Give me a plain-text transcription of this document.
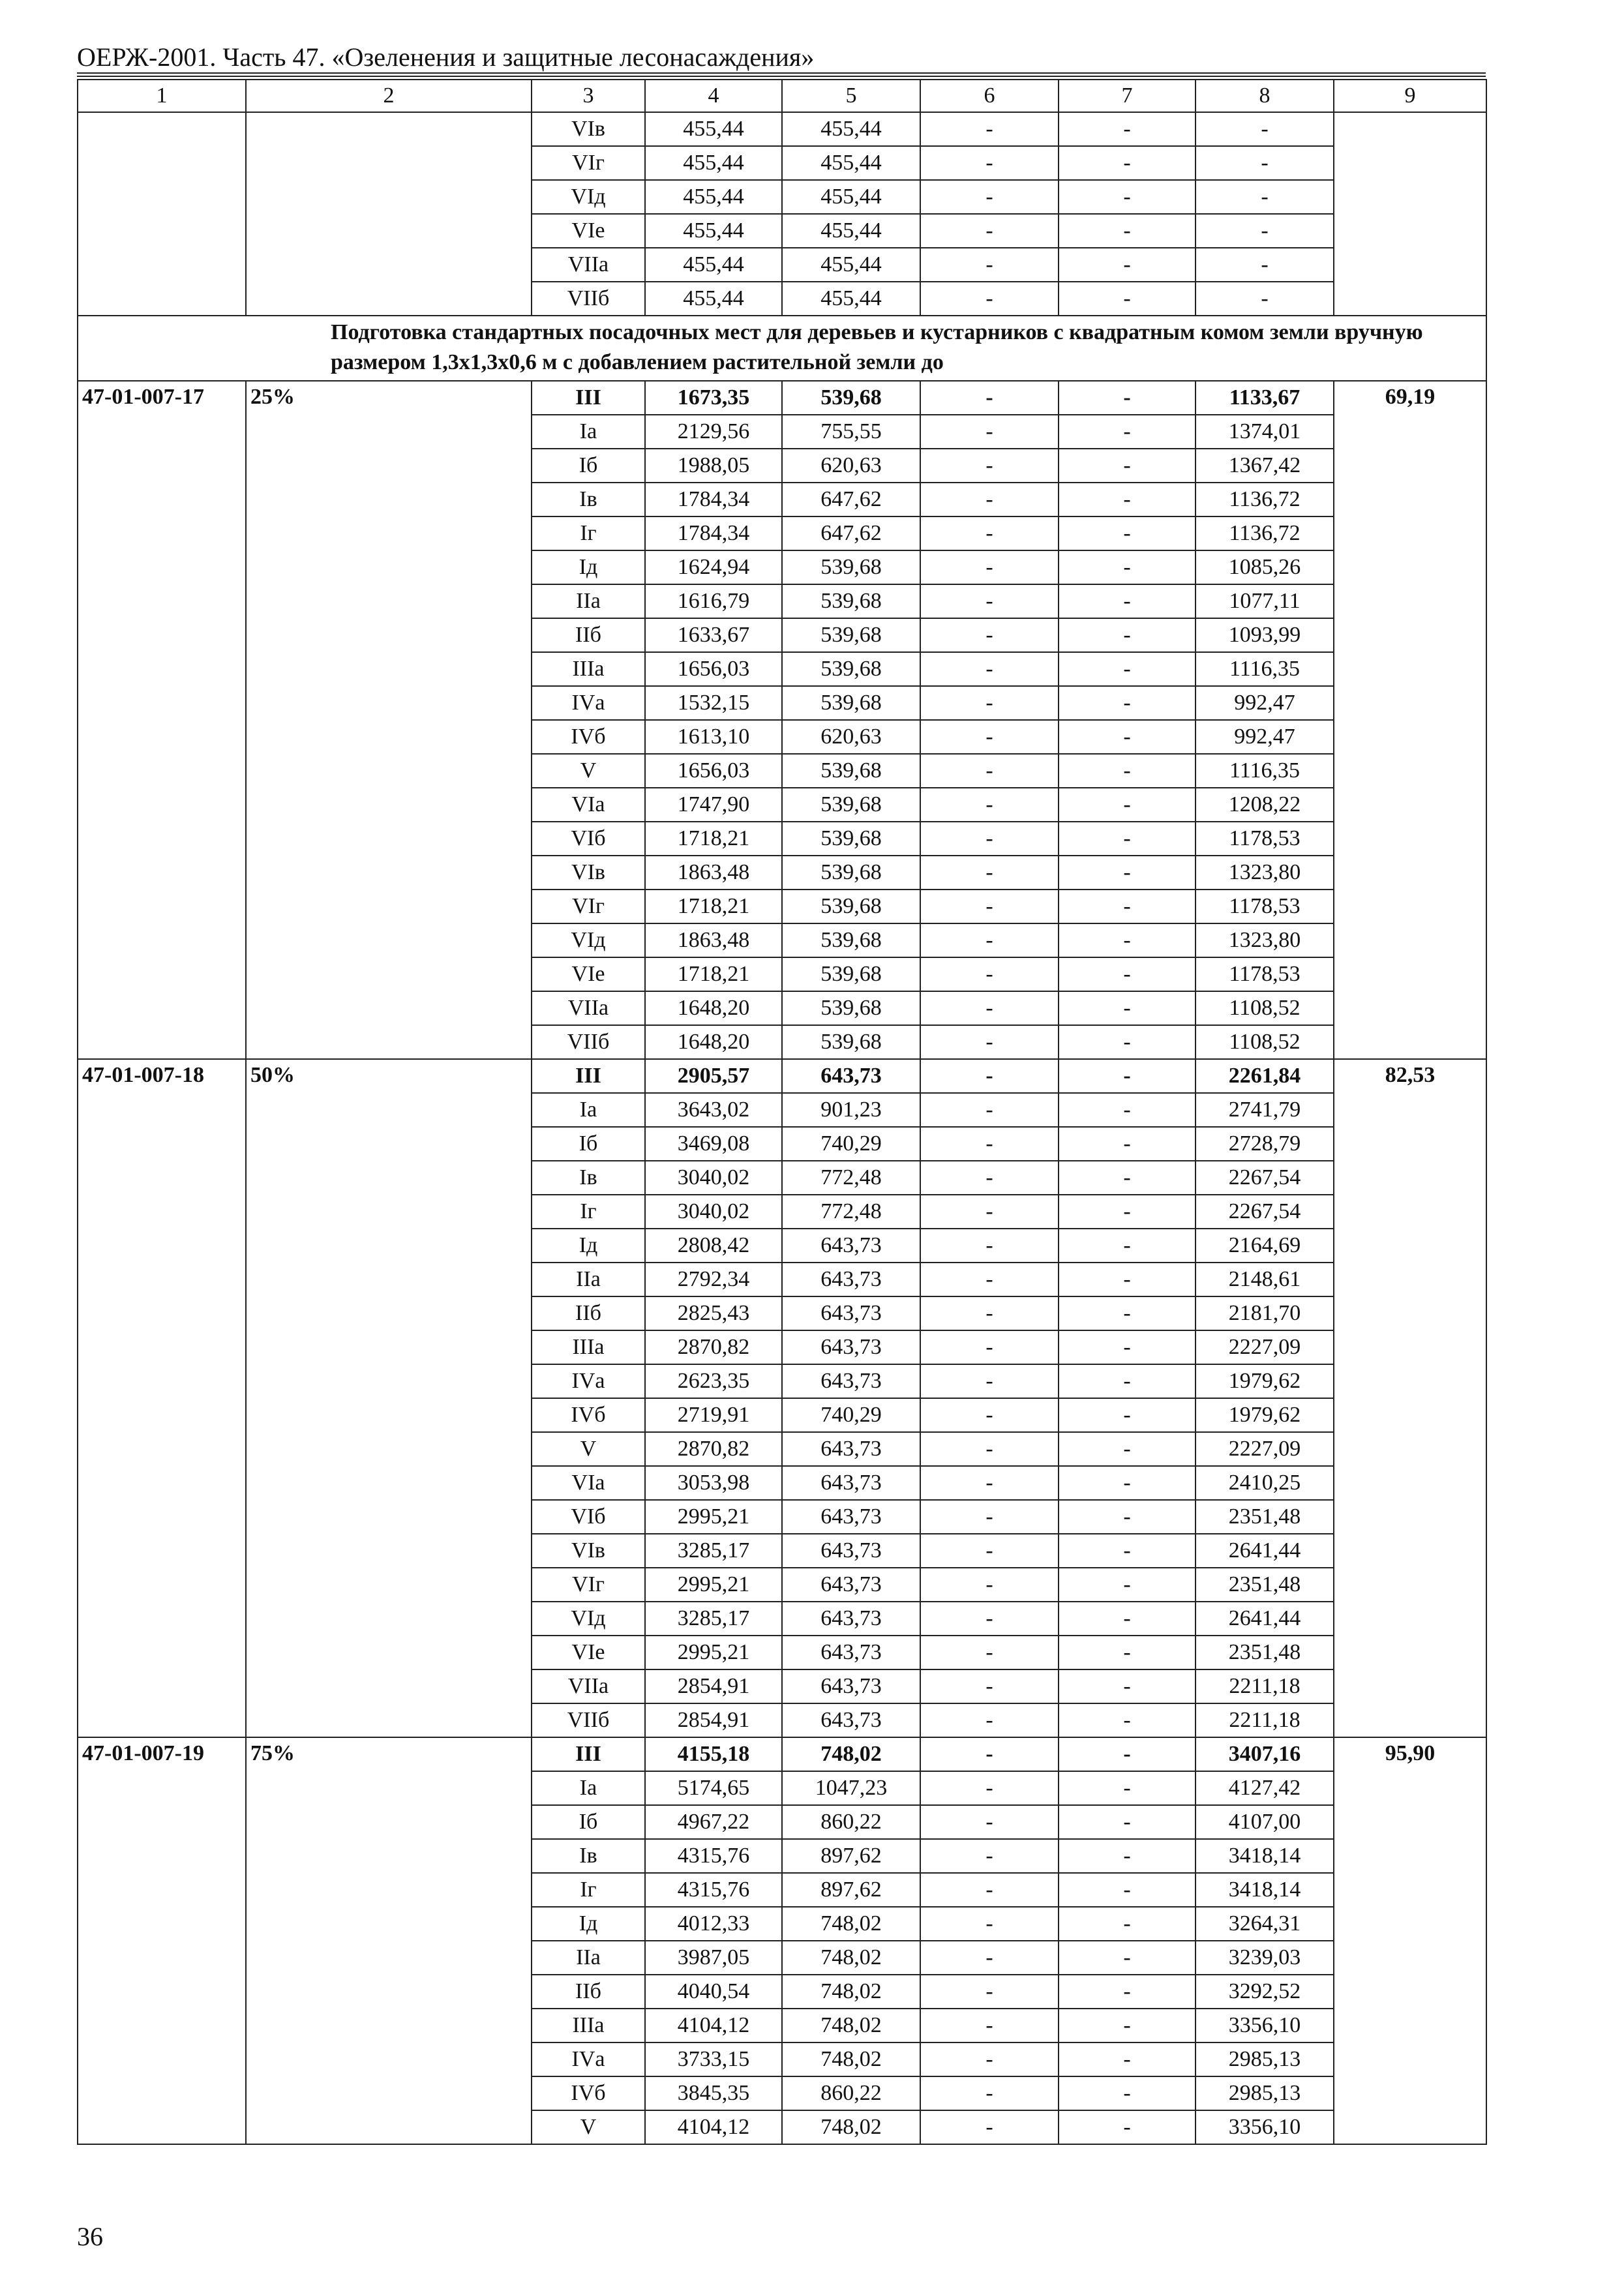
ОЕРЖ-2001. Часть 47. «Озеленения и защитные лесонасаждения»
1	2	3	4	5	6	7	8	9
		VIв	455,44	455,44	-	-	-	
		VIг	455,44	455,44	-	-	-	
		VIд	455,44	455,44	-	-	-	
		VIе	455,44	455,44	-	-	-	
		VIIа	455,44	455,44	-	-	-	
		VIIб	455,44	455,44	-	-	-	
Подготовка стандартных посадочных мест для деревьев и кустарников с квадратным комом земли вручную размером 1,3х1,3х0,6 м с добавлением растительной земли до								
47-01-007-17	25%	III	1673,35	539,68	-	-	1133,67	69,19
		Iа	2129,56	755,55	-	-	1374,01	
		Iб	1988,05	620,63	-	-	1367,42	
		Iв	1784,34	647,62	-	-	1136,72	
		Iг	1784,34	647,62	-	-	1136,72	
		Iд	1624,94	539,68	-	-	1085,26	
		IIа	1616,79	539,68	-	-	1077,11	
		IIб	1633,67	539,68	-	-	1093,99	
		IIIа	1656,03	539,68	-	-	1116,35	
		IVа	1532,15	539,68	-	-	992,47	
		IVб	1613,10	620,63	-	-	992,47	
		V	1656,03	539,68	-	-	1116,35	
		VIа	1747,90	539,68	-	-	1208,22	
		VIб	1718,21	539,68	-	-	1178,53	
		VIв	1863,48	539,68	-	-	1323,80	
		VIг	1718,21	539,68	-	-	1178,53	
		VIд	1863,48	539,68	-	-	1323,80	
		VIе	1718,21	539,68	-	-	1178,53	
		VIIа	1648,20	539,68	-	-	1108,52	
		VIIб	1648,20	539,68	-	-	1108,52	
47-01-007-18	50%	III	2905,57	643,73	-	-	2261,84	82,53
		Iа	3643,02	901,23	-	-	2741,79	
		Iб	3469,08	740,29	-	-	2728,79	
		Iв	3040,02	772,48	-	-	2267,54	
		Iг	3040,02	772,48	-	-	2267,54	
		Iд	2808,42	643,73	-	-	2164,69	
		IIа	2792,34	643,73	-	-	2148,61	
		IIб	2825,43	643,73	-	-	2181,70	
		IIIа	2870,82	643,73	-	-	2227,09	
		IVа	2623,35	643,73	-	-	1979,62	
		IVб	2719,91	740,29	-	-	1979,62	
		V	2870,82	643,73	-	-	2227,09	
		VIа	3053,98	643,73	-	-	2410,25	
		VIб	2995,21	643,73	-	-	2351,48	
		VIв	3285,17	643,73	-	-	2641,44	
		VIг	2995,21	643,73	-	-	2351,48	
		VIд	3285,17	643,73	-	-	2641,44	
		VIе	2995,21	643,73	-	-	2351,48	
		VIIа	2854,91	643,73	-	-	2211,18	
		VIIб	2854,91	643,73	-	-	2211,18	
47-01-007-19	75%	III	4155,18	748,02	-	-	3407,16	95,90
		Iа	5174,65	1047,23	-	-	4127,42	
		Iб	4967,22	860,22	-	-	4107,00	
		Iв	4315,76	897,62	-	-	3418,14	
		Iг	4315,76	897,62	-	-	3418,14	
		Iд	4012,33	748,02	-	-	3264,31	
		IIа	3987,05	748,02	-	-	3239,03	
		IIб	4040,54	748,02	-	-	3292,52	
		IIIа	4104,12	748,02	-	-	3356,10	
		IVа	3733,15	748,02	-	-	2985,13	
		IVб	3845,35	860,22	-	-	2985,13	
		V	4104,12	748,02	-	-	3356,10	
36
